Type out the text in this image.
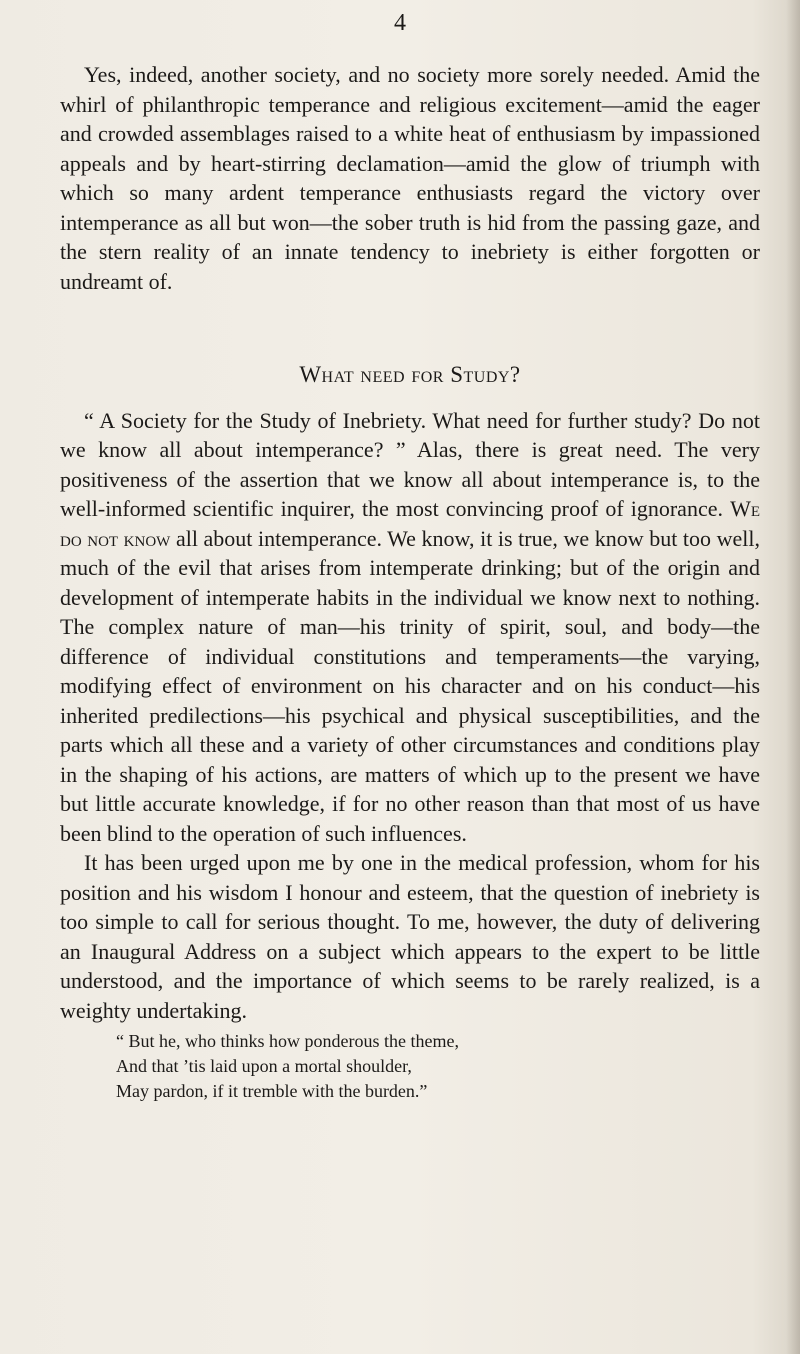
4

Yes, indeed, another society, and no society more sorely needed. Amid the whirl of philanthropic temperance and religious excitement—amid the eager and crowded assemblages raised to a white heat of enthusiasm by impassioned appeals and by heart-stirring declamation—amid the glow of triumph with which so many ardent temperance enthusiasts regard the victory over intemperance as all but won—the sober truth is hid from the passing gaze, and the stern reality of an innate tendency to inebriety is either forgotten or undreamt of.

What need for Study?

“ A Society for the Study of Inebriety. What need for further study? Do not we know all about intemperance? ” Alas, there is great need. The very positiveness of the assertion that we know all about intemperance is, to the well-informed scientific inquirer, the most convincing proof of ignorance. We do not know all about intemperance. We know, it is true, we know but too well, much of the evil that arises from intemperate drinking; but of the origin and development of intemperate habits in the individual we know next to nothing. The complex nature of man—his trinity of spirit, soul, and body—the difference of individual constitutions and temperaments—the varying, modifying effect of environment on his character and on his conduct—his inherited predilections—his psychical and physical susceptibilities, and the parts which all these and a variety of other circumstances and conditions play in the shaping of his actions, are matters of which up to the present we have but little accurate knowledge, if for no other reason than that most of us have been blind to the operation of such influences.

It has been urged upon me by one in the medical profession, whom for his position and his wisdom I honour and esteem, that the question of inebriety is too simple to call for serious thought. To me, however, the duty of delivering an Inaugural Address on a subject which appears to the expert to be little understood, and the importance of which seems to be rarely realized, is a weighty undertaking.

“ But he, who thinks how ponderous the theme,
And that ’tis laid upon a mortal shoulder,
May pardon, if it tremble with the burden.”
